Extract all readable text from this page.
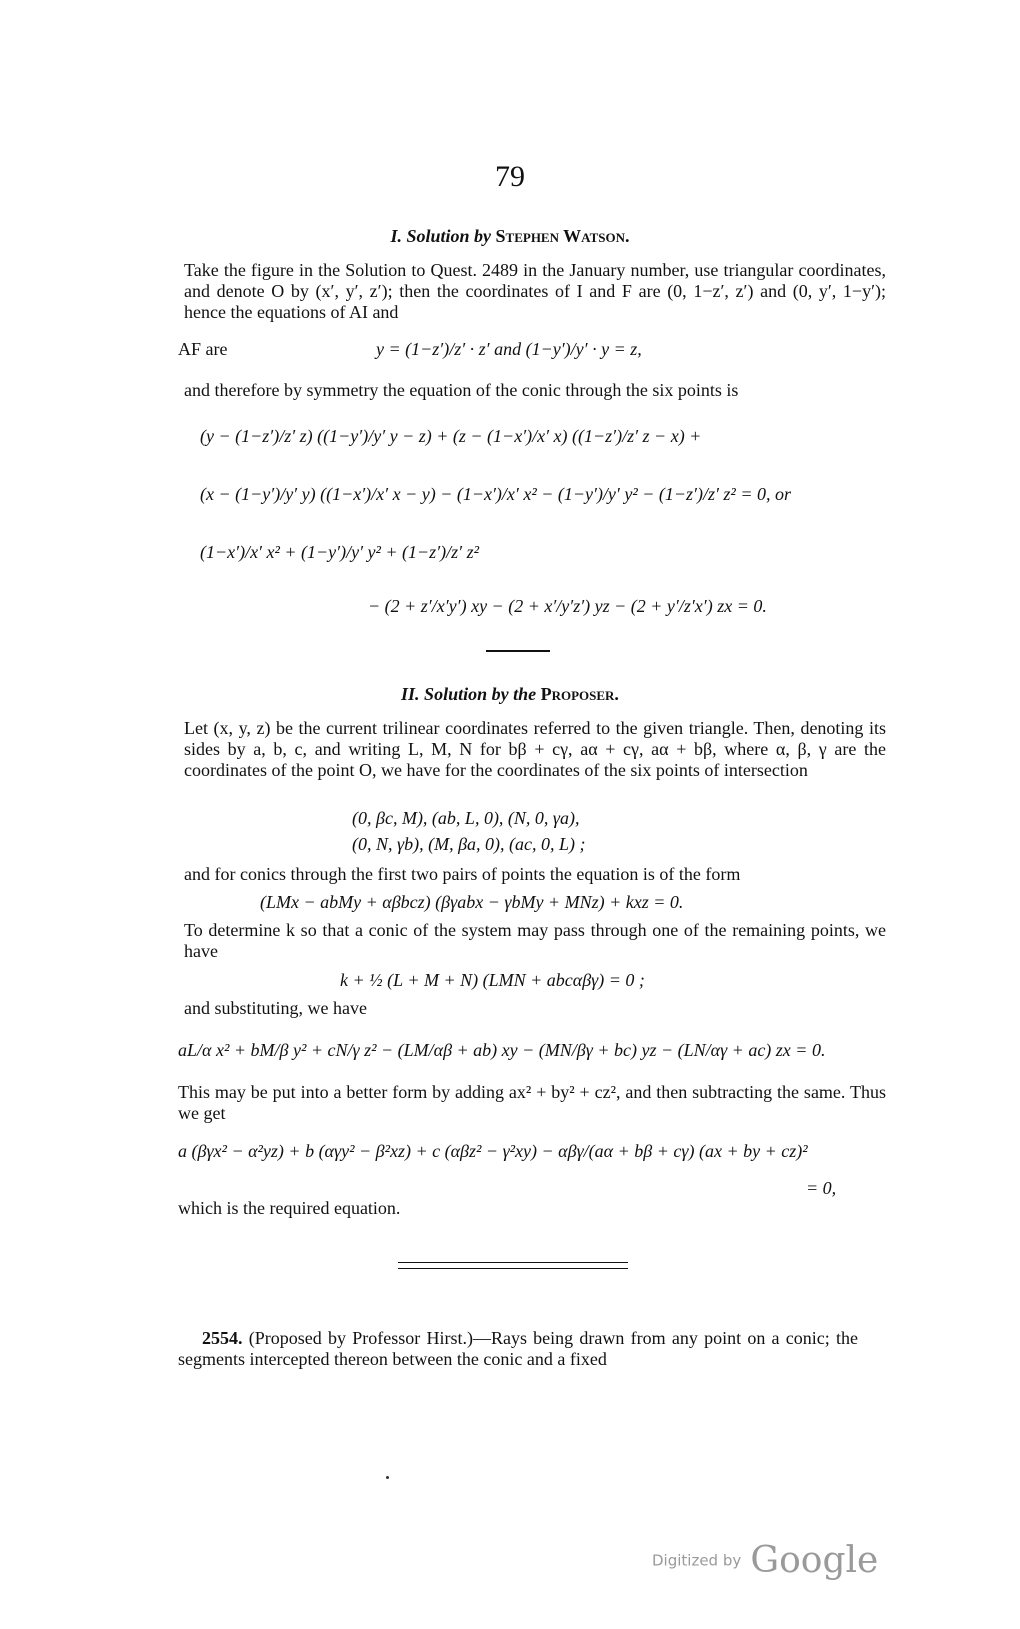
79
I. Solution by Stephen Watson.
Take the figure in the Solution to Quest. 2489 in the January number, use triangular coordinates, and denote O by (x′, y′, z′); then the coordinates of I and F are (0, 1−z′, z′) and (0, y′, 1−y′); hence the equations of AI and
AF are	y = (1−z′)/z′ · z′ and (1−y′)/y′ · y = z,
and therefore by symmetry the equation of the conic through the six points is
(y − (1−z′)/z′ z) ((1−y′)/y′ y − z) + (z − (1−x′)/x′ x) ((1−z′)/z′ z − x) +
(x − (1−y′)/y′ y) ((1−x′)/x′ x − y) − (1−x′)/x′ x² − (1−y′)/y′ y² − (1−z′)/z′ z² = 0, or
(1−x′)/x′ x² + (1−y′)/y′ y² + (1−z′)/z′ z²
− (2 + z′/x′y′) xy − (2 + x′/y′z′) yz − (2 + y′/z′x′) zx = 0.
II. Solution by the Proposer.
Let (x, y, z) be the current trilinear coordinates referred to the given triangle. Then, denoting its sides by a, b, c, and writing L, M, N for bβ + cγ, aα + cγ, aα + bβ, where α, β, γ are the coordinates of the point O, we have for the coordinates of the six points of intersection
(0, βc, M), (ab, L, 0), (N, 0, γa),
(0, N, γb), (M, βa, 0), (ac, 0, L) ;
and for conics through the first two pairs of points the equation is of the form
(LMx − abMy + αβbcz) (βγabx − γbMy + MNz) + kxz = 0.
To determine k so that a conic of the system may pass through one of the remaining points, we have
k + ½ (L + M + N) (LMN + abcαβγ) = 0 ;
and substituting, we have
aL/α x² + bM/β y² + cN/γ z² − (LM/αβ + ab) xy − (MN/βγ + bc) yz − (LN/αγ + ac) zx = 0.
This may be put into a better form by adding ax² + by² + cz², and then subtracting the same. Thus we get
a (βγx² − α²yz) + b (αγy² − β²xz) + c (αβz² − γ²xy) − αβγ/(aα + bβ + cγ) (ax + by + cz)²
= 0,
which is the required equation.
2554. (Proposed by Professor Hirst.)—Rays being drawn from any point on a conic; the segments intercepted thereon between the conic and a fixed
Digitized by Google
